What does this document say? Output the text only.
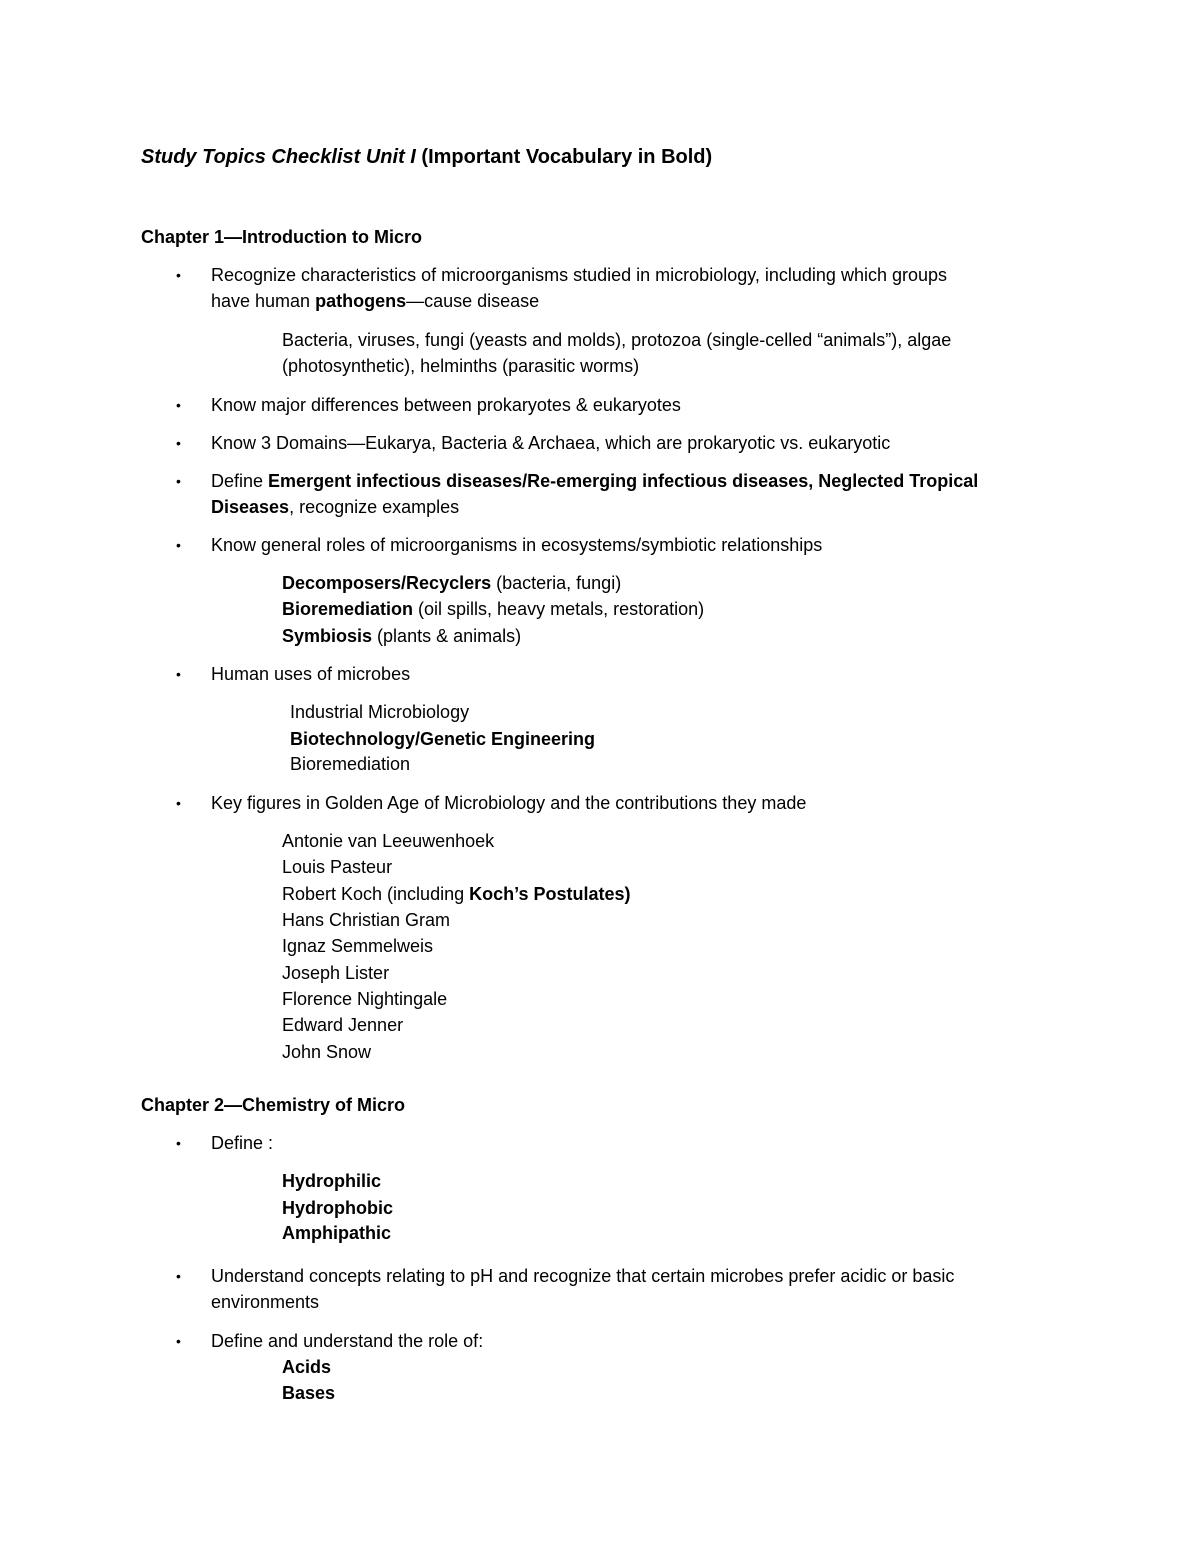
Study Topics Checklist Unit I (Important Vocabulary in Bold)
Chapter 1—Introduction to Micro
• Recognize characteristics of microorganisms studied in microbiology, including which groups
have human pathogens—cause disease
Bacteria, viruses, fungi (yeasts and molds), protozoa (single-celled “animals”), algae
(photosynthetic), helminths (parasitic worms)
• Know major differences between prokaryotes & eukaryotes
• Know 3 Domains—Eukarya, Bacteria & Archaea, which are prokaryotic vs. eukaryotic
• Define Emergent infectious diseases/Re-emerging infectious diseases, Neglected Tropical
Diseases, recognize examples
• Know general roles of microorganisms in ecosystems/symbiotic relationships
Decomposers/Recyclers (bacteria, fungi)
Bioremediation (oil spills, heavy metals, restoration)
Symbiosis (plants & animals)
• Human uses of microbes
Industrial Microbiology
Biotechnology/Genetic Engineering
Bioremediation
• Key figures in Golden Age of Microbiology and the contributions they made
Antonie van Leeuwenhoek
Louis Pasteur
Robert Koch (including Koch’s Postulates)
Hans Christian Gram
Ignaz Semmelweis
Joseph Lister
Florence Nightingale
Edward Jenner
John Snow
Chapter 2—Chemistry of Micro
• Define :
Hydrophilic
Hydrophobic
Amphipathic
• Understand concepts relating to pH and recognize that certain microbes prefer acidic or basic
environments
• Define and understand the role of:
Acids
Bases
